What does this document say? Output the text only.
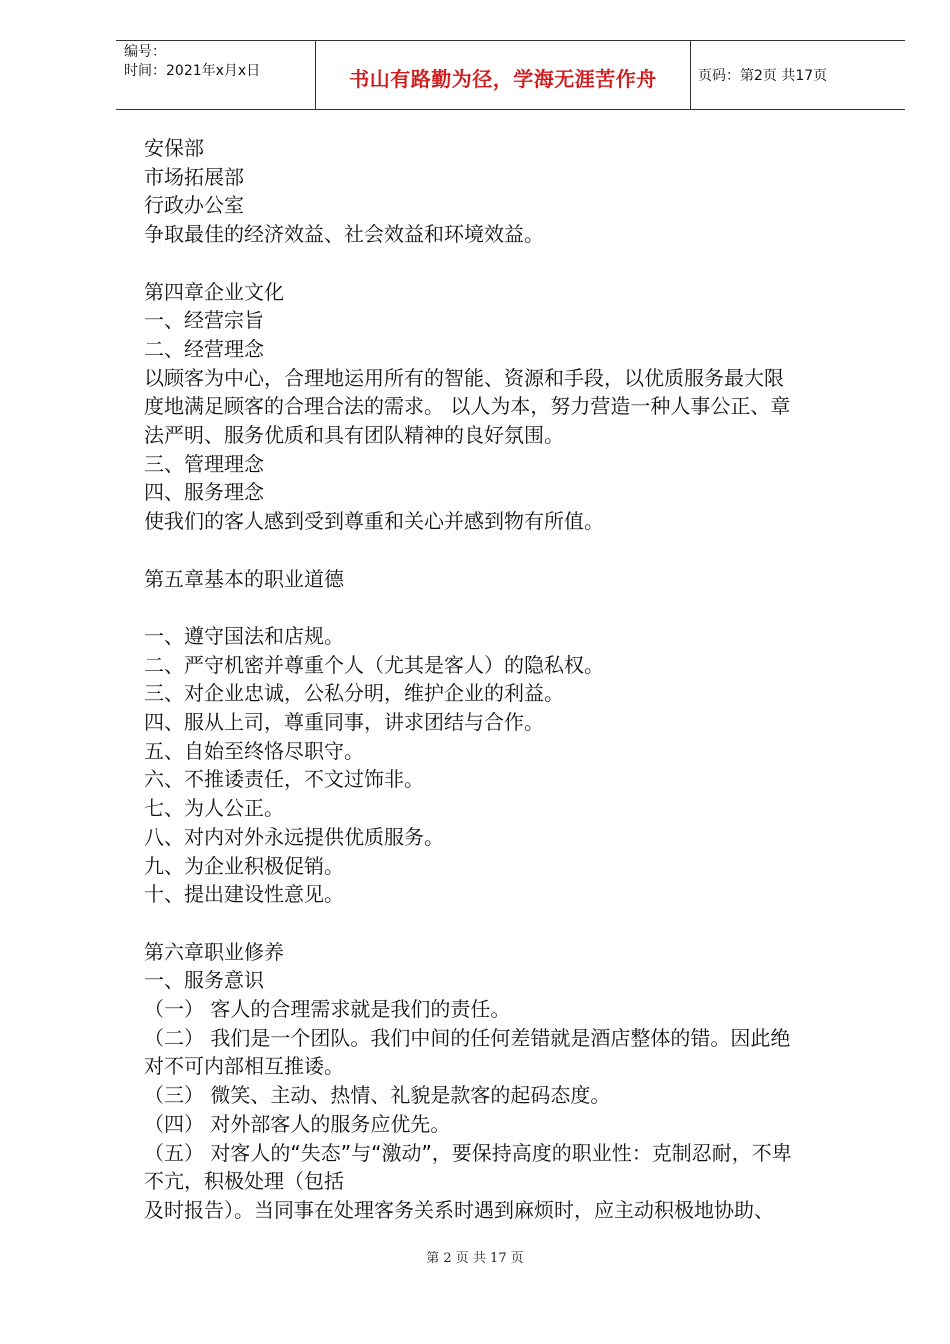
编号：
时间：2021年x月x日	书山有路勤为径，学海无涯苦作舟	页码：第2页 共17页
安保部
市场拓展部
行政办公室
争取最佳的经济效益、社会效益和环境效益。
第四章企业文化
一、经营宗旨
二、经营理念
以顾客为中心，合理地运用所有的智能、资源和手段，以优质服务最大限
度地满足顾客的合理合法的需求。 以人为本，努力营造一种人事公正、章
法严明、服务优质和具有团队精神的良好氛围。
三、管理理念
四、服务理念
使我们的客人感到受到尊重和关心并感到物有所值。
第五章基本的职业道德
一、遵守国法和店规。
二、严守机密并尊重个人（尤其是客人）的隐私权。
三、对企业忠诚，公私分明，维护企业的利益。
四、服从上司，尊重同事，讲求团结与合作。
五、自始至终恪尽职守。
六、不推诿责任，不文过饰非。
七、为人公正。
八、对内对外永远提供优质服务。
九、为企业积极促销。
十、提出建设性意见。
第六章职业修养
一、服务意识
（一） 客人的合理需求就是我们的责任。
（二） 我们是一个团队。我们中间的任何差错就是酒店整体的错。因此绝
对不可内部相互推诿。
（三） 微笑、主动、热情、礼貌是款客的起码态度。
（四） 对外部客人的服务应优先。
（五） 对客人的“失态”与“激动”，要保持高度的职业性：克制忍耐，不卑
不亢，积极处理（包括
及时报告）。当同事在处理客务关系时遇到麻烦时，应主动积极地协助、
第 2 页 共 17 页
